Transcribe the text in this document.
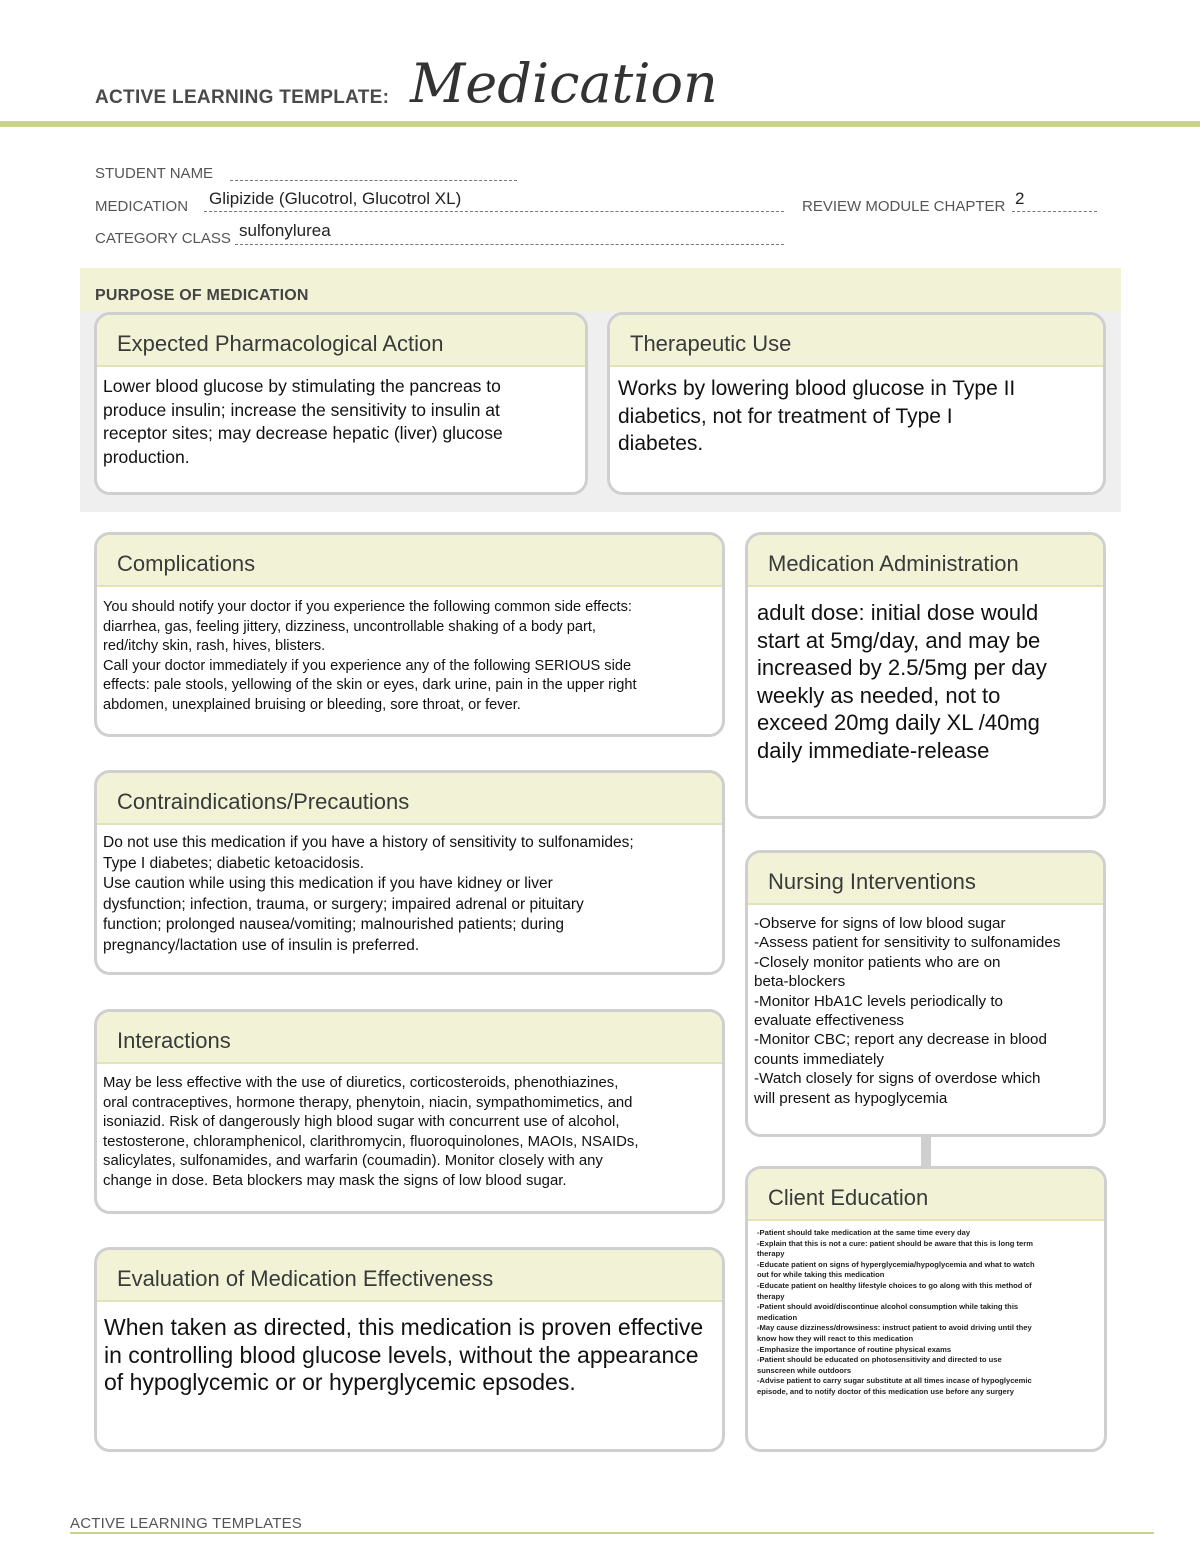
ACTIVE LEARNING TEMPLATE: Medication
STUDENT NAME
MEDICATION Glipizide (Glucotrol, Glucotrol XL)	REVIEW MODULE CHAPTER 2
CATEGORY CLASS sulfonylurea
PURPOSE OF MEDICATION
Expected Pharmacological Action
Lower blood glucose by stimulating the pancreas to
produce insulin; increase the sensitivity to insulin at
receptor sites; may decrease hepatic (liver) glucose
production.
Therapeutic Use
Works by lowering blood glucose in Type II
diabetics, not for treatment of Type I
diabetes.
Complications
You should notify your doctor if you experience the following common side effects:
diarrhea, gas, feeling jittery, dizziness, uncontrollable shaking of a body part,
red/itchy skin, rash, hives, blisters.
Call your doctor immediately if you experience any of the following SERIOUS side
effects: pale stools, yellowing of the skin or eyes, dark urine, pain in the upper right
abdomen, unexplained bruising or bleeding, sore throat, or fever.
Medication Administration
adult dose: initial dose would
start at 5mg/day, and may be
increased by 2.5/5mg per day
weekly as needed, not to
exceed 20mg daily XL /40mg
daily immediate-release
Contraindications/Precautions
Do not use this medication if you have a history of sensitivity to sulfonamides;
Type I diabetes; diabetic ketoacidosis.
Use caution while using this medication if you have kidney or liver
dysfunction; infection, trauma, or surgery; impaired adrenal or pituitary
function; prolonged nausea/vomiting; malnourished patients; during
pregnancy/lactation use of insulin is preferred.
Nursing Interventions
-Observe for signs of low blood sugar
-Assess patient for sensitivity to sulfonamides
-Closely monitor patients who are on
beta-blockers
-Monitor HbA1C levels periodically to
evaluate effectiveness
-Monitor CBC; report any decrease in blood
counts immediately
-Watch closely for signs of overdose which
will present as hypoglycemia
Interactions
May be less effective with the use of diuretics, corticosteroids, phenothiazines,
oral contraceptives, hormone therapy, phenytoin, niacin, sympathomimetics, and
isoniazid. Risk of dangerously high blood sugar with concurrent use of alcohol,
testosterone, chloramphenicol, clarithromycin, fluoroquinolones, MAOIs, NSAIDs,
salicylates, sulfonamides, and warfarin (coumadin). Monitor closely with any
change in dose. Beta blockers may mask the signs of low blood sugar.
Client Education
-Patient should take medication at the same time every day
-Explain that this is not a cure: patient should be aware that this is long term
therapy
-Educate patient on signs of hyperglycemia/hypoglycemia and what to watch
out for while taking this medication
-Educate patient on healthy lifestyle choices to go along with this method of
therapy
-Patient should avoid/discontinue alcohol consumption while taking this
medication
-May cause dizziness/drowsiness: instruct patient to avoid driving until they
know how they will react to this medication
-Emphasize the importance of routine physical exams
-Patient should be educated on photosensitivity and directed to use
sunscreen while outdoors
-Advise patient to carry sugar substitute at all times incase of hypoglycemic
episode, and to notify doctor of this medication use before any surgery
Evaluation of Medication Effectiveness
When taken as directed, this medication is proven effective
in controlling blood glucose levels, without the appearance
of hypoglycemic or or hyperglycemic epsodes.
ACTIVE LEARNING TEMPLATES
